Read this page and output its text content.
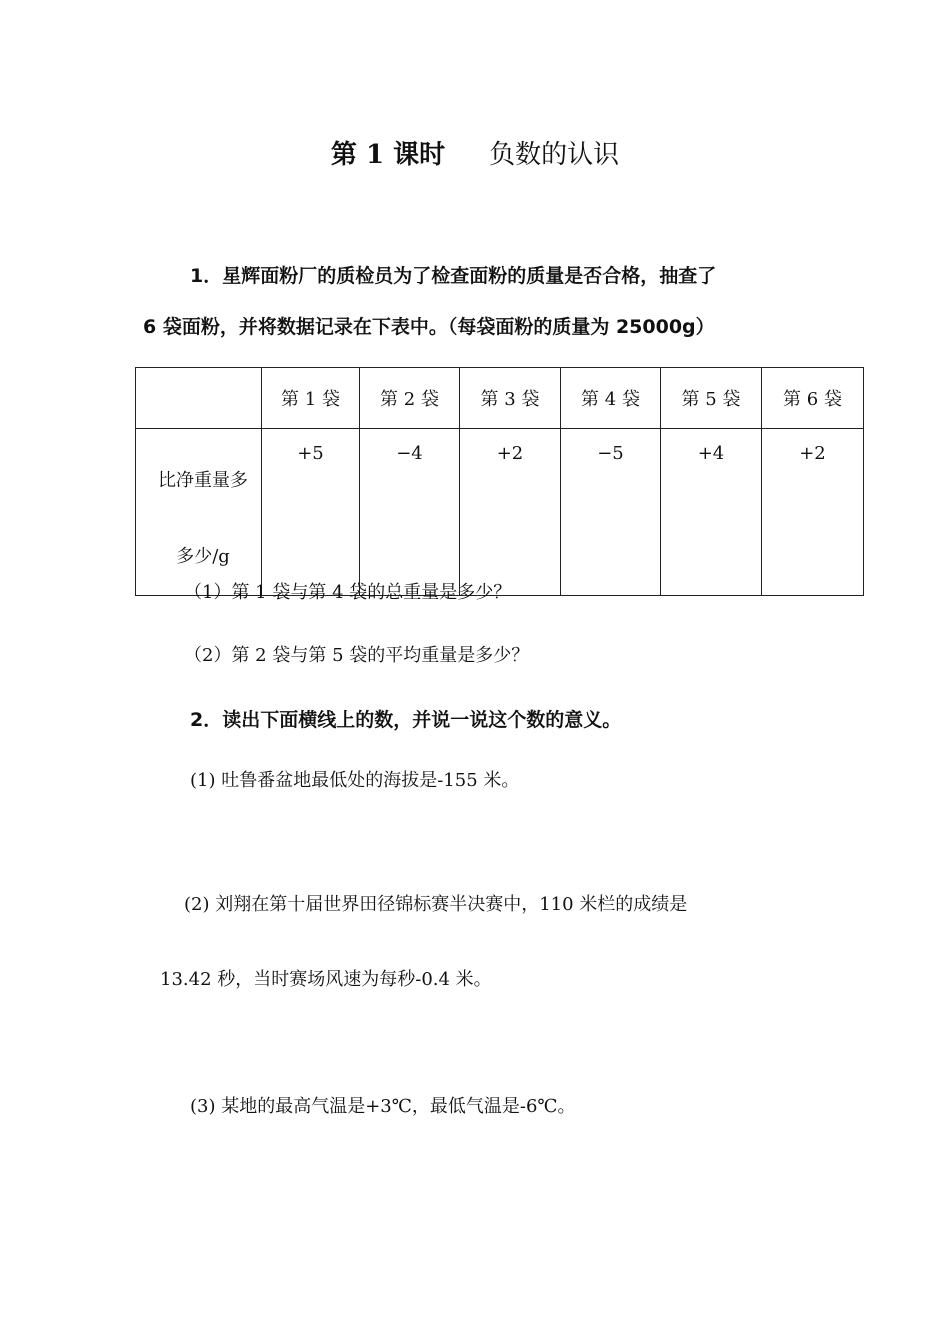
第 1 课时 负数的认识
1．星辉面粉厂的质检员为了检查面粉的质量是否合格，抽查了
6 袋面粉，并将数据记录在下表中。（每袋面粉的质量为 25000g）
	第 1 袋	第 2 袋	第 3 袋	第 4 袋	第 5 袋	第 6 袋
比净重量多
多少/g	+5	−4	+2	−5	+4	+2
（1）第 1 袋与第 4 袋的总重量是多少？
（2）第 2 袋与第 5 袋的平均重量是多少？
2．读出下面横线上的数，并说一说这个数的意义。
(1) 吐鲁番盆地最低处的海拔是-155 米。
(2) 刘翔在第十届世界田径锦标赛半决赛中，110 米栏的成绩是
13.42 秒，当时赛场风速为每秒-0.4 米。
(3) 某地的最高气温是+3℃，最低气温是-6℃。
